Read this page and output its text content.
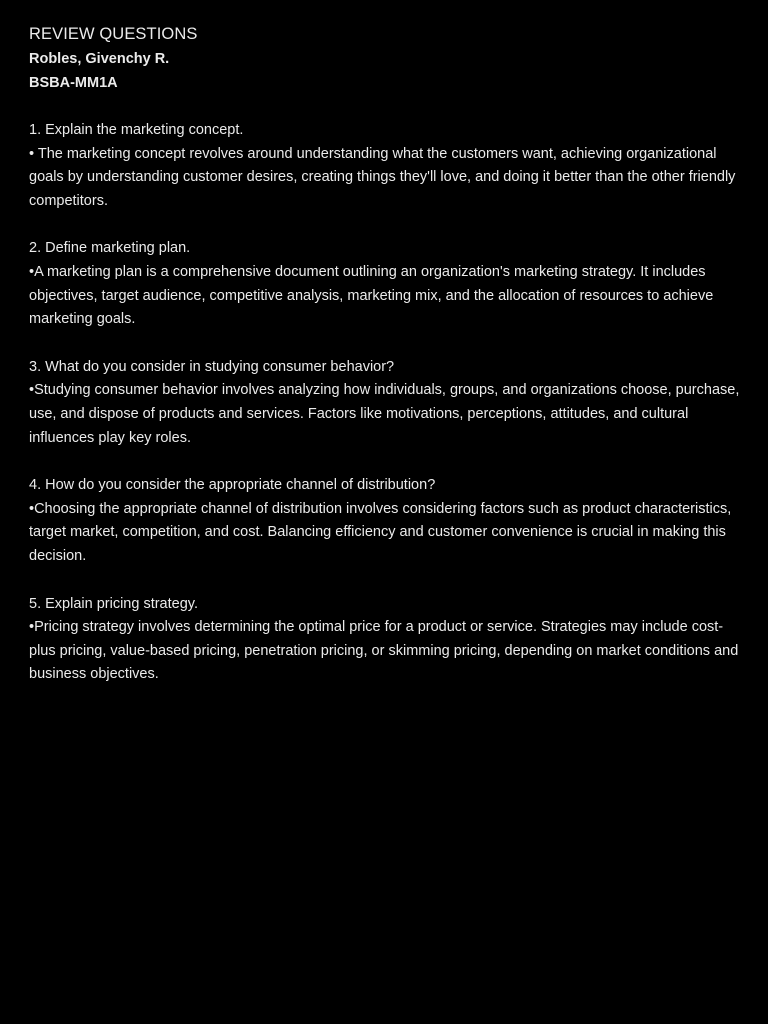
REVIEW QUESTIONS

Robles, Givenchy R.

BSBA-MM1A

1. Explain the marketing concept.

• The marketing concept revolves around understanding what the customers want, achieving organizational goals by understanding customer desires, creating things they'll love, and doing it better than the other friendly competitors.

2. Define marketing plan.

•A marketing plan is a comprehensive document outlining an organization's marketing strategy. It includes objectives, target audience, competitive analysis, marketing mix, and the allocation of resources to achieve marketing goals.

3. What do you consider in studying consumer behavior?

•Studying consumer behavior involves analyzing how individuals, groups, and organizations choose, purchase, use, and dispose of products and services. Factors like motivations, perceptions, attitudes, and cultural influences play key roles.

4. How do you consider the appropriate channel of distribution?

•Choosing the appropriate channel of distribution involves considering factors such as product characteristics, target market, competition, and cost. Balancing efficiency and customer convenience is crucial in making this decision.

5. Explain pricing strategy.

•Pricing strategy involves determining the optimal price for a product or service. Strategies may include cost-plus pricing, value-based pricing, penetration pricing, or skimming pricing, depending on market conditions and business objectives.
